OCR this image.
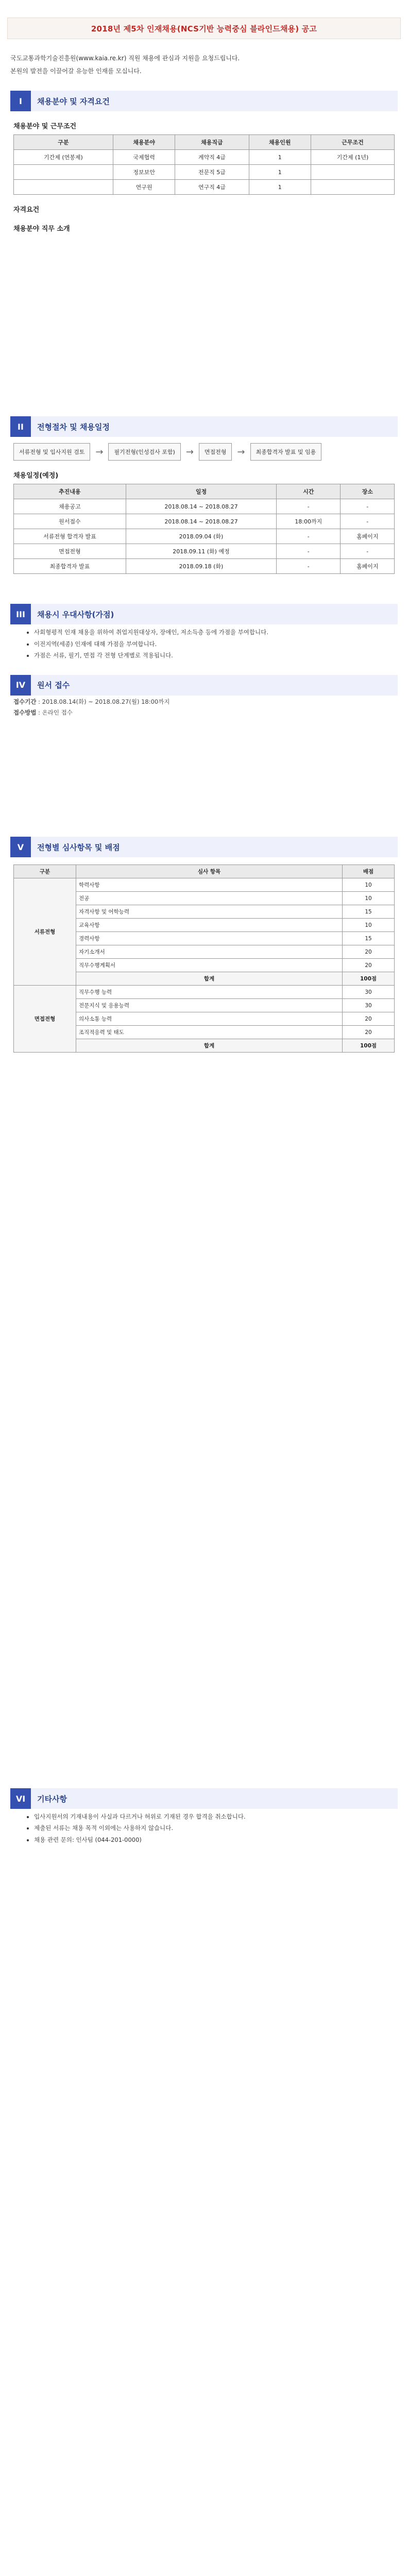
2018년 제5차 인재채용(NCS기반 능력중심 블라인드채용) 공고

국도교통과학기술진흥원(www.kaia.re.kr) 직원 채용에 관심과 지원을 요청드립니다.

본원의 발전을 이끌어갈 유능한 인재를 모십니다.

I	채용분야 및 자격요건
채용분야 및 근무조건
구분	채용분야	채용직급	채용인원	근무조건
기간제 (연봉제)	국제협력	계약직 4급	1	기간제 (1년)
	정보보안	전문직 5급	1	
	연구원	연구직 4급	1	
자격요건
채용분야 직무 소개
II	전형절차 및 채용일정
서류전형 및 입사지원 검토	→	필기전형(인성검사 포함)	→	면접전형	→	최종합격자 발표 및 임용
채용일정(예정)
추진내용	일정	시간	장소
채용공고	2018.08.14 ~ 2018.08.27	-	-
원서접수	2018.08.14 ~ 2018.08.27	18:00까지	-
서류전형 합격자 발표	2018.09.04 (화)	-	홈페이지
면접전형	2018.09.11 (화) 예정	-	-
최종합격자 발표	2018.09.18 (화)	-	홈페이지
III	채용시 우대사항(가점)
• 사회형평적 인재 채용을 위하여 취업지원대상자, 장애인, 저소득층 등에 가점을 부여합니다.
• 이전지역(세종) 인재에 대해 가점을 부여합니다.
• 가점은 서류, 필기, 면접 각 전형 단계별로 적용됩니다.
IV	원서 접수
접수기간 : 2018.08.14(화) ~ 2018.08.27(월) 18:00까지
접수방법 : 온라인 접수
V	전형별 심사항목 및 배점
구분	심사 항목	배점
서류전형	학력사항	10
	전공	10
	자격사항 및 어학능력	15
	교육사항	10
	경력사항	15
	자기소개서	20
	직무수행계획서	20
	합계	100점
면접전형	직무수행 능력	30
	전문지식 및 응용능력	30
	의사소통 능력	20
	조직적응력 및 태도	20
	합계	100점
VI	기타사항
• 입사지원서의 기재내용이 사실과 다르거나 허위로 기재된 경우 합격을 취소합니다.
• 제출된 서류는 채용 목적 이외에는 사용하지 않습니다.
• 채용 관련 문의: 인사팀 (044-201-0000)
